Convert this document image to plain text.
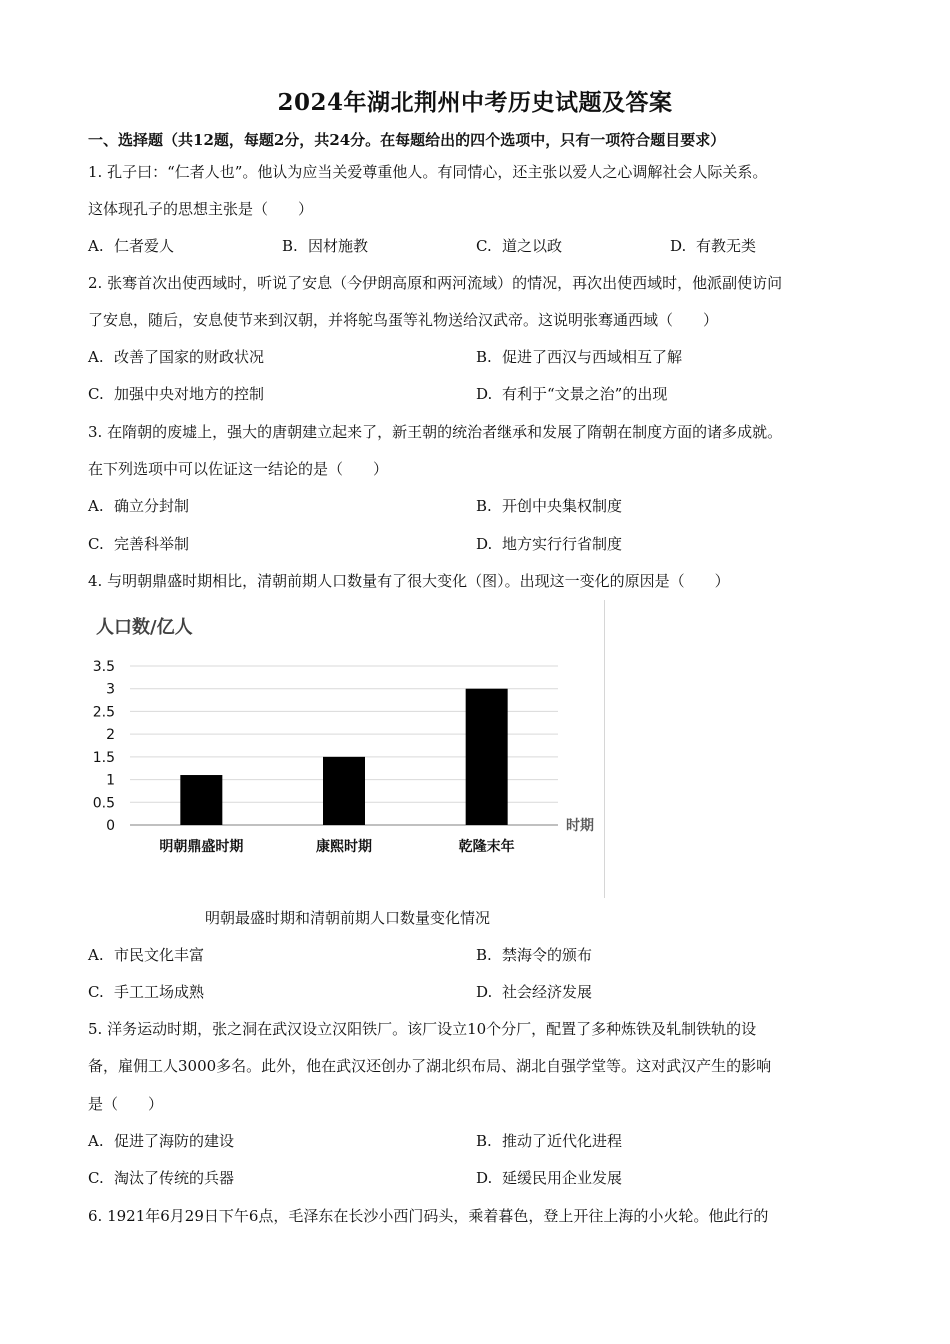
2024年湖北荆州中考历史试题及答案
一、选择题（共12题，每题2分，共24分。在每题给出的四个选项中，只有一项符合题目要求）
1. 孔子曰：“仁者人也”。他认为应当关爱尊重他人。有同情心，还主张以爱人之心调解社会人际关系。
这体现孔子的思想主张是（　　）
A. 仁者爱人	B. 因材施教	C. 道之以政	D. 有教无类
2. 张骞首次出使西域时，听说了安息（今伊朗高原和两河流域）的情况，再次出使西域时，他派副使访问
了安息，随后，安息使节来到汉朝，并将鸵鸟蛋等礼物送给汉武帝。这说明张骞通西域（　　）
A. 改善了国家的财政状况	B. 促进了西汉与西域相互了解
C. 加强中央对地方的控制	D. 有利于“文景之治”的出现
3. 在隋朝的废墟上，强大的唐朝建立起来了，新王朝的统治者继承和发展了隋朝在制度方面的诸多成就。
在下列选项中可以佐证这一结论的是（　　）
A. 确立分封制	B. 开创中央集权制度
C. 完善科举制	D. 地方实行行省制度
4. 与明朝鼎盛时期相比，清朝前期人口数量有了很大变化（图）。出现这一变化的原因是（　　）
人口数/亿人
3.5
3
2.5
2
1.5
1
0.5
0	时期
明朝鼎盛时期	康熙时期	乾隆末年
明朝最盛时期和清朝前期人口数量变化情况
A. 市民文化丰富	B. 禁海令的颁布
C. 手工工场成熟	D. 社会经济发展
5. 洋务运动时期，张之洞在武汉设立汉阳铁厂。该厂设立10个分厂，配置了多种炼铁及轧制铁轨的设
备，雇佣工人3000多名。此外，他在武汉还创办了湖北织布局、湖北自强学堂等。这对武汉产生的影响
是（　　）
A. 促进了海防的建设	B. 推动了近代化进程
C. 淘汰了传统的兵器	D. 延缓民用企业发展
6. 1921年6月29日下午6点，毛泽东在长沙小西门码头，乘着暮色，登上开往上海的小火轮。他此行的
